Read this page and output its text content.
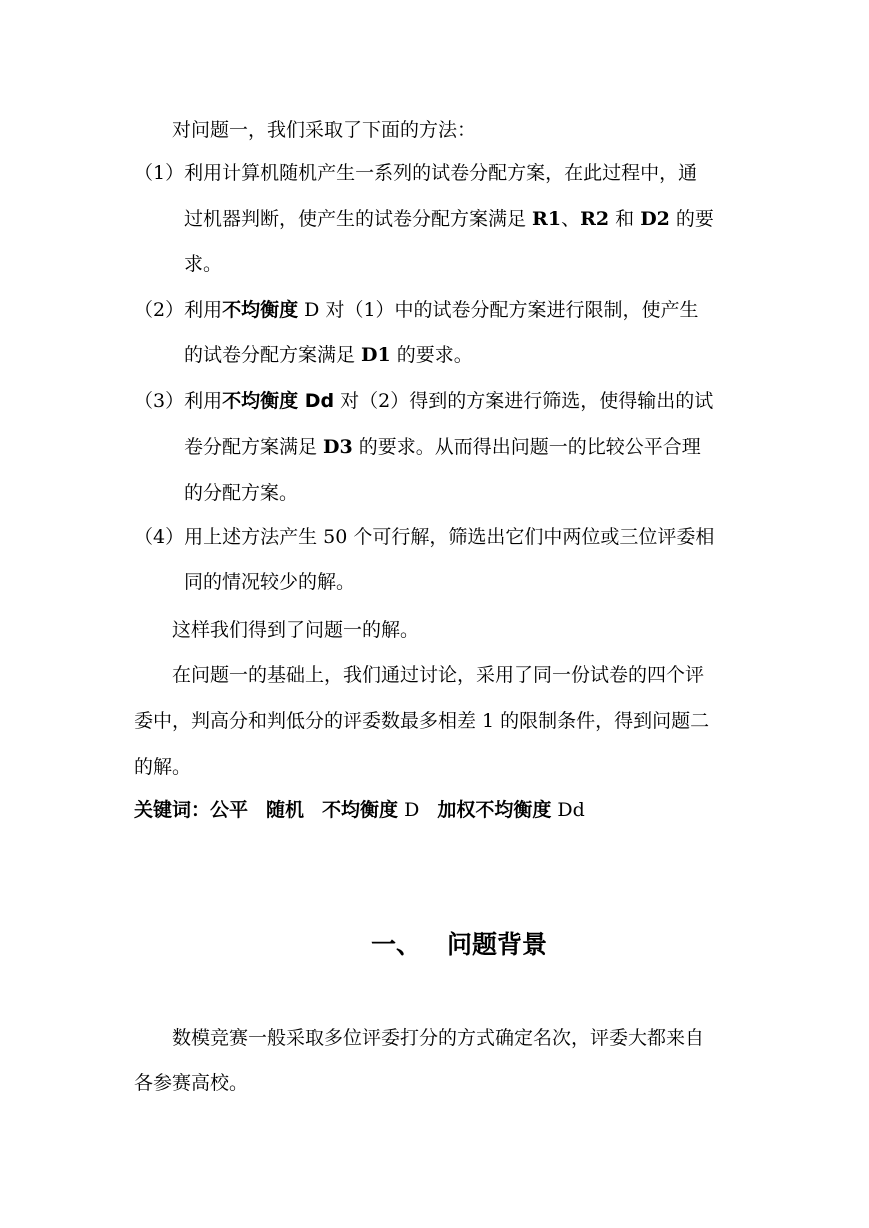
对问题一，我们采取了下面的方法：
（1）利用计算机随机产生一系列的试卷分配方案，在此过程中，通
过机器判断，使产生的试卷分配方案满足 R1、R2 和 D2 的要
求。
（2）利用不均衡度 D 对（1）中的试卷分配方案进行限制，使产生
的试卷分配方案满足 D1 的要求。
（3）利用不均衡度 Dd 对（2）得到的方案进行筛选，使得输出的试
卷分配方案满足 D3 的要求。从而得出问题一的比较公平合理
的分配方案。
（4）用上述方法产生 50 个可行解，筛选出它们中两位或三位评委相
同的情况较少的解。
这样我们得到了问题一的解。
在问题一的基础上，我们通过讨论，采用了同一份试卷的四个评
委中，判高分和判低分的评委数最多相差 1 的限制条件，得到问题二
的解。
关键词：公平 随机 不均衡度 D 加权不均衡度 Dd
一、 问题背景
数模竞赛一般采取多位评委打分的方式确定名次，评委大都来自
各参赛高校。
